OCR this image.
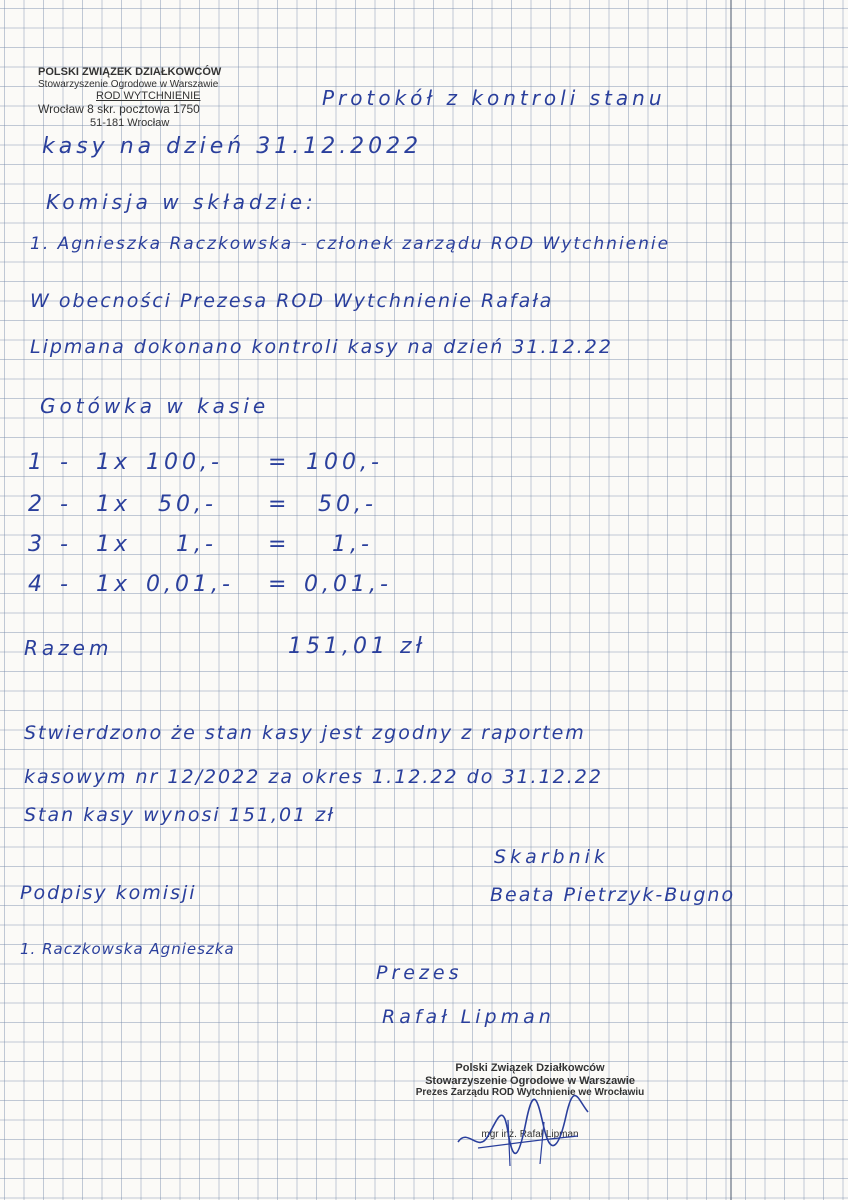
POLSKI ZWIĄZEK DZIAŁKOWCÓW
Stowarzyszenie Ogrodowe w Warszawie
ROD WYTCHNIENIE
Wrocław 8 skr. pocztowa 1750
51-181 Wrocław
Protokół z kontroli stanu
kasy na dzień 31.12.2022
Komisja w składzie:
1. Agnieszka Raczkowska - członek zarządu ROD Wytchnienie
W obecności Prezesa ROD Wytchnienie Rafała
Lipmana dokonano kontroli kasy na dzień 31.12.22
Gotówka w kasie
1 - 1x 100,- = 100,-
2 - 1x 50,- = 50,-
3 - 1x 1,- = 1,-
4 - 1x 0,01,- = 0,01,-
Razem	151,01 zł
Stwierdzono że stan kasy jest zgodny z raportem
kasowym nr 12/2022 za okres 1.12.22 do 31.12.22
Stan kasy wynosi 151,01 zł
Skarbnik
Beata Pietrzyk-Bugno
Podpisy komisji
1. Raczkowska Agnieszka
Prezes
Rafał Lipman
Polski Związek Działkowców
Stowarzyszenie Ogrodowe w Warszawie
Prezes Zarządu ROD Wytchnienie we Wrocławiu
mgr inż. Rafał Lipman
